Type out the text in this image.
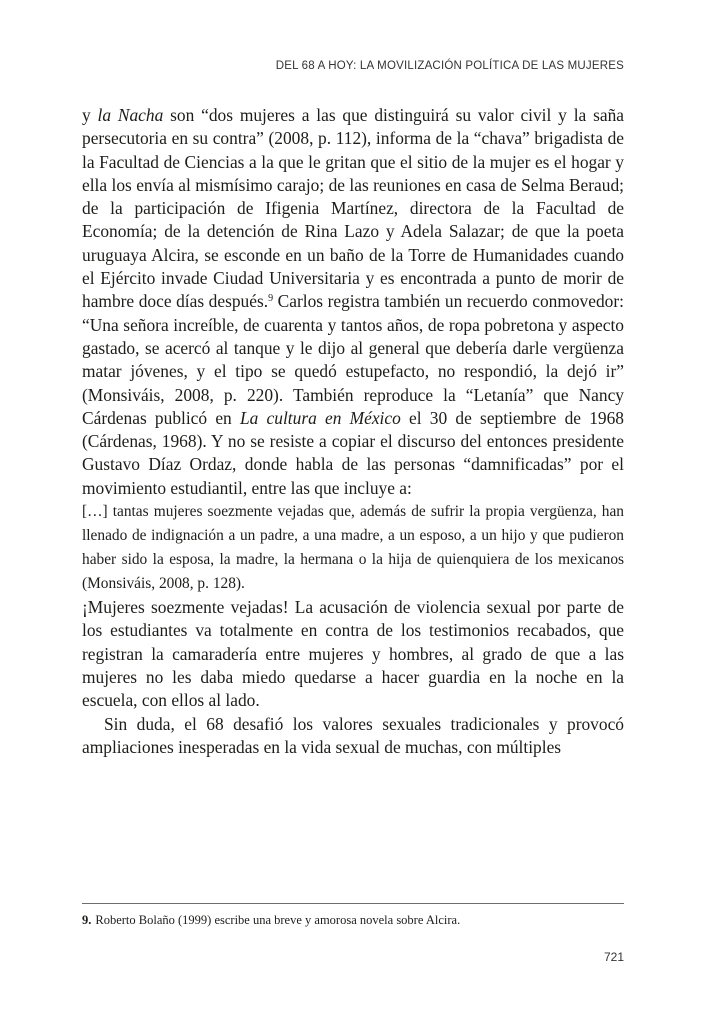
DEL 68 A HOY: LA MOVILIZACIÓN POLÍTICA DE LAS MUJERES

y la Nacha son “dos mujeres a las que distinguirá su valor civil y la saña persecutoria en su contra” (2008, p. 112), informa de la “chava” brigadista de la Facultad de Ciencias a la que le gritan que el sitio de la mujer es el hogar y ella los envía al mismísimo carajo; de las reuniones en casa de Selma Beraud; de la participación de Ifigenia Martínez, directora de la Facultad de Economía; de la detención de Rina Lazo y Adela Salazar; de que la poeta uruguaya Alcira, se esconde en un baño de la Torre de Humanidades cuando el Ejército invade Ciudad Universitaria y es encontrada a punto de morir de hambre doce días después.$^9$ Carlos registra también un recuerdo conmovedor: “Una señora increíble, de cuarenta y tantos años, de ropa pobretona y aspecto gastado, se acercó al tanque y le dijo al general que debería darle vergüenza matar jóvenes, y el tipo se quedó estupefacto, no respondió, la dejó ir” (Monsiváis, 2008, p. 220). También reproduce la “Letanía” que Nancy Cárdenas publicó en La cultura en México el 30 de septiembre de 1968 (Cárdenas, 1968). Y no se resiste a copiar el discurso del entonces presidente Gustavo Díaz Ordaz, donde habla de las personas “damnificadas” por el movimiento estudiantil, entre las que incluye a:

[…] tantas mujeres soezmente vejadas que, además de sufrir la propia vergüenza, han llenado de indignación a un padre, a una madre, a un esposo, a un hijo y que pudieron haber sido la esposa, la madre, la hermana o la hija de quienquiera de los mexicanos (Monsiváis, 2008, p. 128).

¡Mujeres soezmente vejadas! La acusación de violencia sexual por parte de los estudiantes va totalmente en contra de los testimonios recabados, que registran la camaradería entre mujeres y hombres, al grado de que a las mujeres no les daba miedo quedarse a hacer guardia en la noche en la escuela, con ellos al lado.

Sin duda, el 68 desafió los valores sexuales tradicionales y provocó ampliaciones inesperadas en la vida sexual de muchas, con múltiples

9. Roberto Bolaño (1999) escribe una breve y amorosa novela sobre Alcira.
721
